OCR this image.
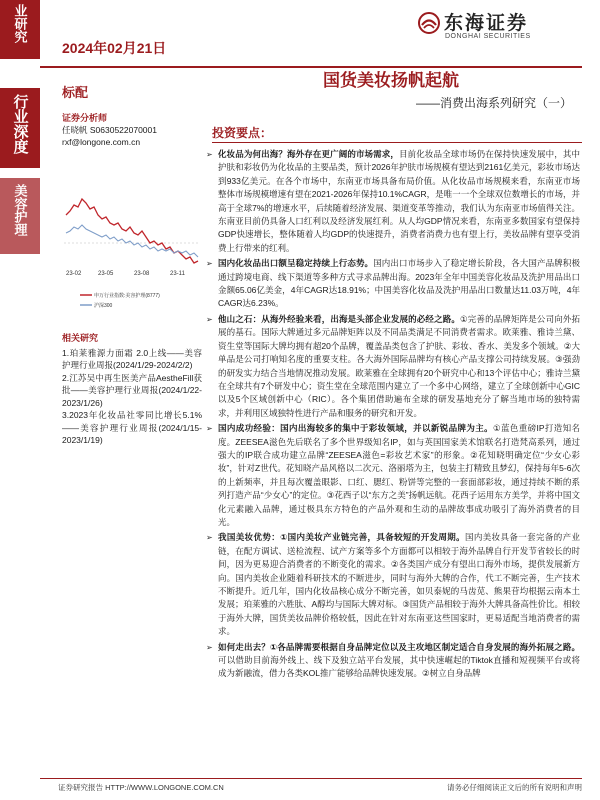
业研究
行业深度
美容护理
2024年02月21日
东海证券
DONGHAI SECURITIES
标配
国货美妆扬帆起航
——消费出海系列研究（一）
证券分析师
任晓帆 S0630522070001
rxf@longone.com.cn
23-02	23-05	23-08	23-11
申万行业指数:美容护理(8777)
沪深300
相关研究

1.珀莱雅源力面霜 2.0上线——美容护理行业周报(2024/1/29-2024/2/2)

2.江苏吴中再生医美产品AestheFill获批——美容护理行业周报(2024/1/22-2023/1/26)

3.2023年化妆品社零同比增长5.1%——美容护理行业周报(2024/1/15-2023/1/19)

投资要点：
➢ 化妆品为何出海？海外存在更广阔的市场需求，目前化妆品全球市场仍在保持快速发展中，其中护肤和彩妆仍为化妆品的主要品类，预计2026年护肤市场规模有望达到2161亿美元，彩妆市场达到933亿美元。在各个市场中，东南亚市场具备布局价值。从化妆品市场规模来看，东南亚市场整体市场规模增速有望在2021-2026年保持10.1%CAGR，是唯一一个全球双位数增长的市场，并高于全球7%的增速水平，后续随着经济发展、渠道变革等推动，我们认为东南亚市场值得关注。东南亚目前仍具备人口红利以及经济发展红利。从人均GDP情况来看，东南亚多数国家有望保持GDP快速增长，整体随着人均GDP的快速提升，消费者消费力也有望上行，美妆品牌有望享受消费上行带来的红利。
➢ 国内化妆品出口额呈稳定持续上行态势。国内出口市场步入了稳定增长阶段，各大国产品牌积极通过跨境电商、线下渠道等多种方式寻求品牌出海。2023年全年中国美容化妆品及洗护用品出口金额65.06亿美金，4年CAGR达18.91%；中国美容化妆品及洗护用品出口数量达11.03万吨，4年CAGR达6.23%。
➢ 他山之石：从海外经验来看，出海是头部企业发展的必经之路。①完善的品牌矩阵是公司向外拓展的基石。国际大牌通过多元品牌矩阵以及不同品类满足不同消费者需求。欧莱雅、雅诗兰黛、资生堂等国际大牌均拥有超20个品牌，覆盖品类包含了护肤、彩妆、香水、美发多个领域。②大单品是公司打响知名度的重要支柱。各大海外国际品牌均有核心产品支撑公司持续发展。③强劲的研发实力结合当地情况推动发展。欧莱雅在全球拥有20个研究中心和13个评估中心；雅诗兰黛在全球共有7个研发中心；资生堂在全球范围内建立了一个多中心网络，建立了全球创新中心GIC以及5个区域创新中心（RIC）。各个集团借助遍布全球的研发基地充分了解当地市场的独特需求，并利用区域独特性进行产品和服务的研究和开发。
➢ 国内成功经验：国内出海较多的集中于彩妆领域，并以新锐品牌为主。①蓝色重磅IP打造知名度。ZEESEA滋色先后联名了多个世界级知名IP，如与英国国家美术馆联名打造梵高系列，通过强大的IP联合成功建立品牌“ZEESEA滋色=彩妆艺术家”的形象。②花知晓明确定位“少女心彩妆”，针对Z世代。花知晓产品风格以二次元、洛丽塔为主，包装主打精致且梦幻，保持每年5-6次的上新频率，并且每次覆盖眼影、口红、腮红、粉饼等完整的一套面部彩妆，通过持续不断的系列打造产品“少女心”的定位。③花西子以“东方之美”扬帆远航。花西子运用东方美学，并将中国文化元素融入品牌，通过极具东方特色的产品外观和生动的品牌故事成功吸引了海外消费者的目光。
➢ 我国美妆优势：①国内美妆产业链完善，具备较短的开发周期。国内美妆具备一套完备的产业链，在配方调试、送检流程、试产方案等多个方面都可以相较于海外品牌自行开发节省较长的时间，因为更易迎合消费者的不断变化的需求。②各类国产成分有望出口海外市场，提供发展新方向。国内美妆企业随着科研技术的不断进步，同时与海外大牌的合作，代工不断完善，生产技术不断提升。近几年，国内化妆品核心成分不断完善，如贝泰妮的马齿苋、熊果苷均根据云南本土发展；珀莱雅的六胜肽、A醇均与国际大牌对标。③国货产品相较于海外大牌具备高性价比。相较于海外大牌，国货美妆品牌价格较低，因此在针对东南亚这些国家时，更易适配当地消费者的需求。
➢ 如何走出去？①各品牌需要根据自身品牌定位以及主攻地区制定适合自身发展的海外拓展之路。可以借助目前海外线上、线下及独立站平台发展，其中快速崛起的Tiktok直播和短视频平台或将成为新融流，借力各类KOL推广能够给品牌快速发展。②树立自身品牌
证券研究报告 HTTP://WWW.LONGONE.COM.CN	请务必仔细阅读正文后的所有说明和声明
